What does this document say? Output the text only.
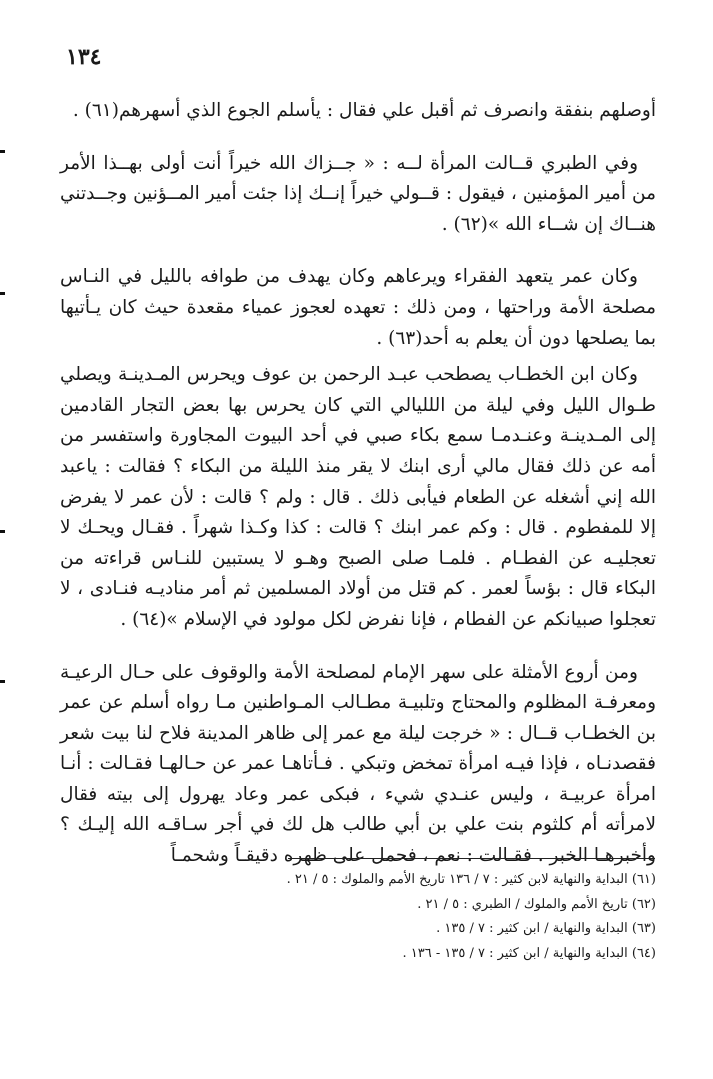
١٣٤

أوصلهم بنفقة وانصرف ثم أقبل علي فقال : يأسلم الجوع الذي أسهرهم(٦١) .

وفي الطبري قــالت المرأة لــه : « جــزاك الله خيراً أنت أولى بهــذا الأمر من أمير المؤمنين ، فيقول : قــولي خيراً إنــك إذا جئت أمير المــؤنين وجــدتني هنــاك إن شــاء الله »(٦٢) .

وكان عمر يتعهد الفقراء ويرعاهم وكان يهدف من طوافه بالليل في النـاس مصلحة الأمة وراحتها ، ومن ذلك : تعهده لعجوز عمياء مقعدة حيث كان يـأتيها بما يصلحها دون أن يعلم به أحد(٦٣) .

وكان ابن الخطـاب يصطحب عبـد الرحمن بن عوف ويحرس المـدينـة ويصلي طـوال الليل وفي ليلة من اللليالي التي كان يحرس بها بعض التجار القادمين إلى المـدينـة وعنـدمـا سمع بكاء صبي في أحد البيوت المجاورة واستفسر من أمه عن ذلك فقال مالي أرى ابنك لا يقر منذ الليلة من البكاء ؟ فقالت : ياعبد الله إني أشغله عن الطعام فيأبى ذلك . قال : ولم ؟ قالت : لأن عمر لا يفرض إلا للمفطوم . قال : وكم عمر ابنك ؟ قالت : كذا وكـذا شهراً . فقـال ويحـك لا تعجليـه عن الفطـام . فلمـا صلى الصبح وهـو لا يستبين للنـاس قراءته من البكاء قال : بؤساً لعمر . كم قتل من أولاد المسلمين ثم أمر مناديـه فنـادى ، لا تعجلوا صبيانكم عن الفطام ، فإنا نفرض لكل مولود في الإسلام »(٦٤) .

ومن أروع الأمثلة على سهر الإمام لمصلحة الأمة والوقوف على حـال الرعيـة ومعرفـة المظلوم والمحتاج وتلبيـة مطـالب المـواطنين مـا رواه أسلم عن عمر بن الخطـاب قــال : « خرجت ليلة مع عمر إلى ظاهر المدينة فلاح لنا بيت شعر فقصدنـاه ، فإذا فيـه امرأة تمخض وتبكي . فـأتاهـا عمر عن حـالهـا فقـالت : أنـا امرأة عربيـة ، وليس عنـدي شيء ، فبكى عمر وعاد يهرول إلى بيته فقال لامرأته أم كلثوم بنت علي بن أبي طالب هل لك في أجر سـاقـه الله إليـك ؟ وأخبرهـا الخبر . فقـالت : نعم ، فحمل على ظهره دقيقـاً وشحمـاً

(٦١) البداية والنهاية لابن كثير : ٧ / ١٣٦ تاريخ الأمم والملوك : ٥ / ٢١ .

(٦٢) تاريخ الأمم والملوك / الطبري : ٥ / ٢١ .

(٦٣) البداية والنهاية / ابن كثير : ٧ / ١٣٥ .

(٦٤) البداية والنهاية / ابن كثير : ٧ / ١٣٥ - ١٣٦ .
